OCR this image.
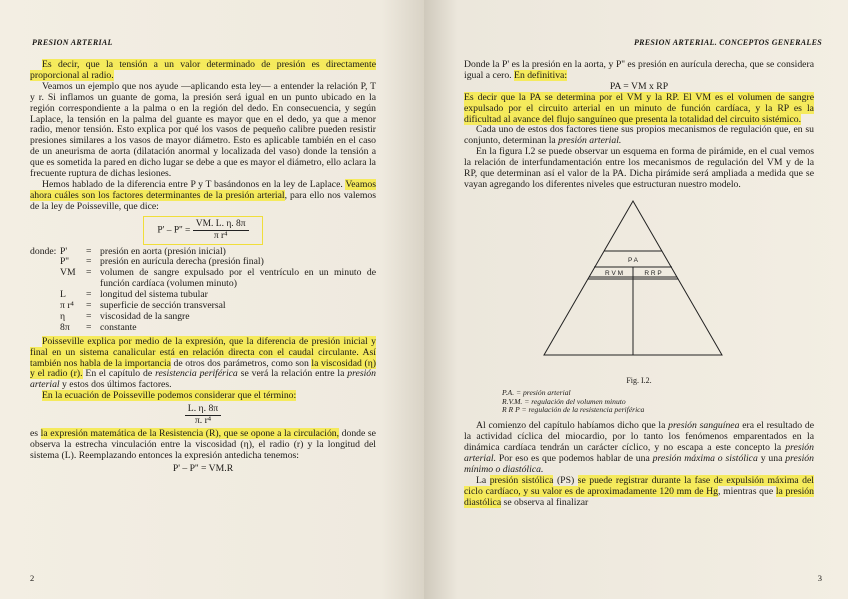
PRESION ARTERIAL

Es decir, que la tensión a un valor determinado de presión es directamente proporcional al radio.

Veamos un ejemplo que nos ayude —aplicando esta ley— a entender la relación P, T y r. Si inflamos un guante de goma, la presión será igual en un punto ubicado en la región correspondiente a la palma o en la región del dedo. En consecuencia, y según Laplace, la tensión en la palma del guante es mayor que en el dedo, ya que a menor radio, menor tensión. Esto explica por qué los vasos de pequeño calibre pueden resistir presiones similares a los vasos de mayor diámetro. Esto es aplicable también en el caso de un aneurisma de aorta (dilatación anormal y localizada del vaso) donde la tensión a que es sometida la pared en dicho lugar se debe a que es mayor el diámetro, ello aclara la frecuente ruptura de dichas lesiones.

Hemos hablado de la diferencia entre P y T basándonos en la ley de Laplace. Veamos ahora cuáles son los factores determinantes de la presión arterial, para ello nos valemos de la ley de Poisseville, que dice:

$P' - P'' = \frac{VM. L. \eta. 8\pi}{\text{π r⁴}}$
donde: P'	= presión en aorta (presión inicial)
P''	= presión en aurícula derecha (presión final)
VM	= volumen de sangre expulsado por el ventrículo en un minuto de función cardíaca (volumen minuto)
L	= longitud del sistema tubular
π r⁴	= superficie de sección transversal
η	= viscosidad de la sangre
8π	= constante

Poisseville explica por medio de la expresión, que la diferencia de presión inicial y final en un sistema canalicular está en relación directa con el caudal circulante. Así también nos habla de la importancia de otros dos parámetros, como son la viscosidad (η) y el radio (r). En el capítulo de resistencia periférica se verá la relación entre la presión arterial y estos dos últimos factores.

En la ecuación de Poisseville podemos considerar que el término:

$\frac{L. \eta. 8\pi}{\text{π. r⁴}}$

es la expresión matemática de la Resistencia (R), que se opone a la circulación, donde se observa la estrecha vinculación entre la viscosidad (η), el radio (r) y la longitud del sistema (L). Reemplazando entonces la expresión antedicha tenemos:

P' – P'' = VM.R
2
PRESION ARTERIAL. CONCEPTOS GENERALES

Donde la P' es la presión en la aorta, y P'' es presión en aurícula derecha, que se considera igual a cero. En definitiva:

PA = VM x RP

Es decir que la PA se determina por el VM y la RP. El VM es el volumen de sangre expulsado por el circuito arterial en un minuto de función cardíaca, y la RP es la dificultad al avance del flujo sanguíneo que presenta la totalidad del circuito sistémico.

Cada uno de estos dos factores tiene sus propios mecanismos de regulación que, en su conjunto, determinan la presión arterial.

En la figura I.2 se puede observar un esquema en forma de pirámide, en el cual vemos la relación de interfundamentación entre los mecanismos de regulación del VM y de la RP, que determinan así el valor de la PA. Dicha pirámide será ampliada a medida que se vayan agregando los diferentes niveles que estructuran nuestro modelo.

P A
R V M	R R P
Fig. I.2.
P.A. = presión arterial
R.V.M. = regulación del volumen minuto
R R P = regulación de la resistencia periférica

Al comienzo del capítulo habíamos dicho que la presión sanguínea era el resultado de la actividad cíclica del miocardio, por lo tanto los fenómenos emparentados en la dinámica cardíaca tendrán un carácter cíclico, y no escapa a este concepto la presión arterial. Por eso es que podemos hablar de una presión máxima o sistólica y una presión mínimo o diastólica.

La presión sistólica (PS) se puede registrar durante la fase de expulsión máxima del ciclo cardíaco, y su valor es de aproximadamente 120 mm de Hg, mientras que la presión diastólica se observa al finalizar

3
